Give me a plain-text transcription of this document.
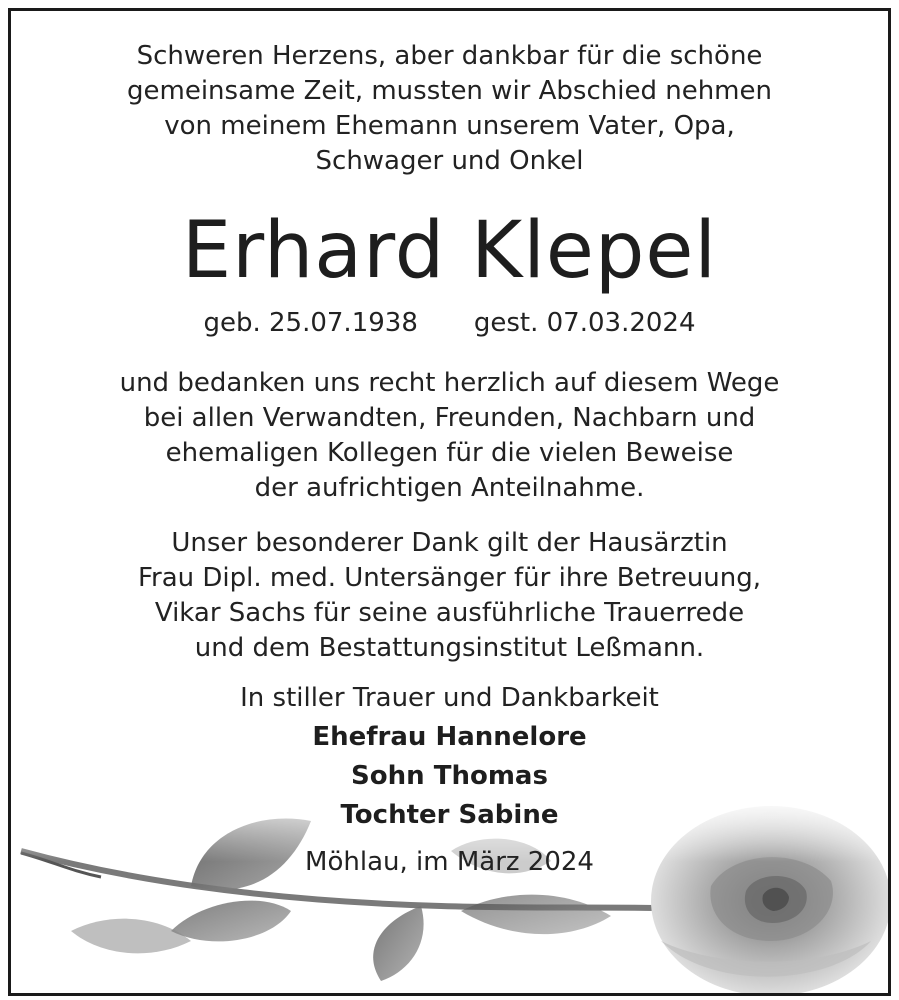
Schweren Herzens, aber dankbar für die schöne
gemeinsame Zeit, mussten wir Abschied nehmen
von meinem Ehemann unserem Vater, Opa,
Schwager und Onkel
Erhard Klepel
geb. 25.07.1938 gest. 07.03.2024
und bedanken uns recht herzlich auf diesem Wege
bei allen Verwandten, Freunden, Nachbarn und
ehemaligen Kollegen für die vielen Beweise
der aufrichtigen Anteilnahme.
Unser besonderer Dank gilt der Hausärztin
Frau Dipl. med. Untersänger für ihre Betreuung,
Vikar Sachs für seine ausführliche Trauerrede
und dem Bestattungsinstitut Leßmann.
In stiller Trauer und Dankbarkeit
Ehefrau Hannelore
Sohn Thomas
Tochter Sabine
Möhlau, im März 2024
